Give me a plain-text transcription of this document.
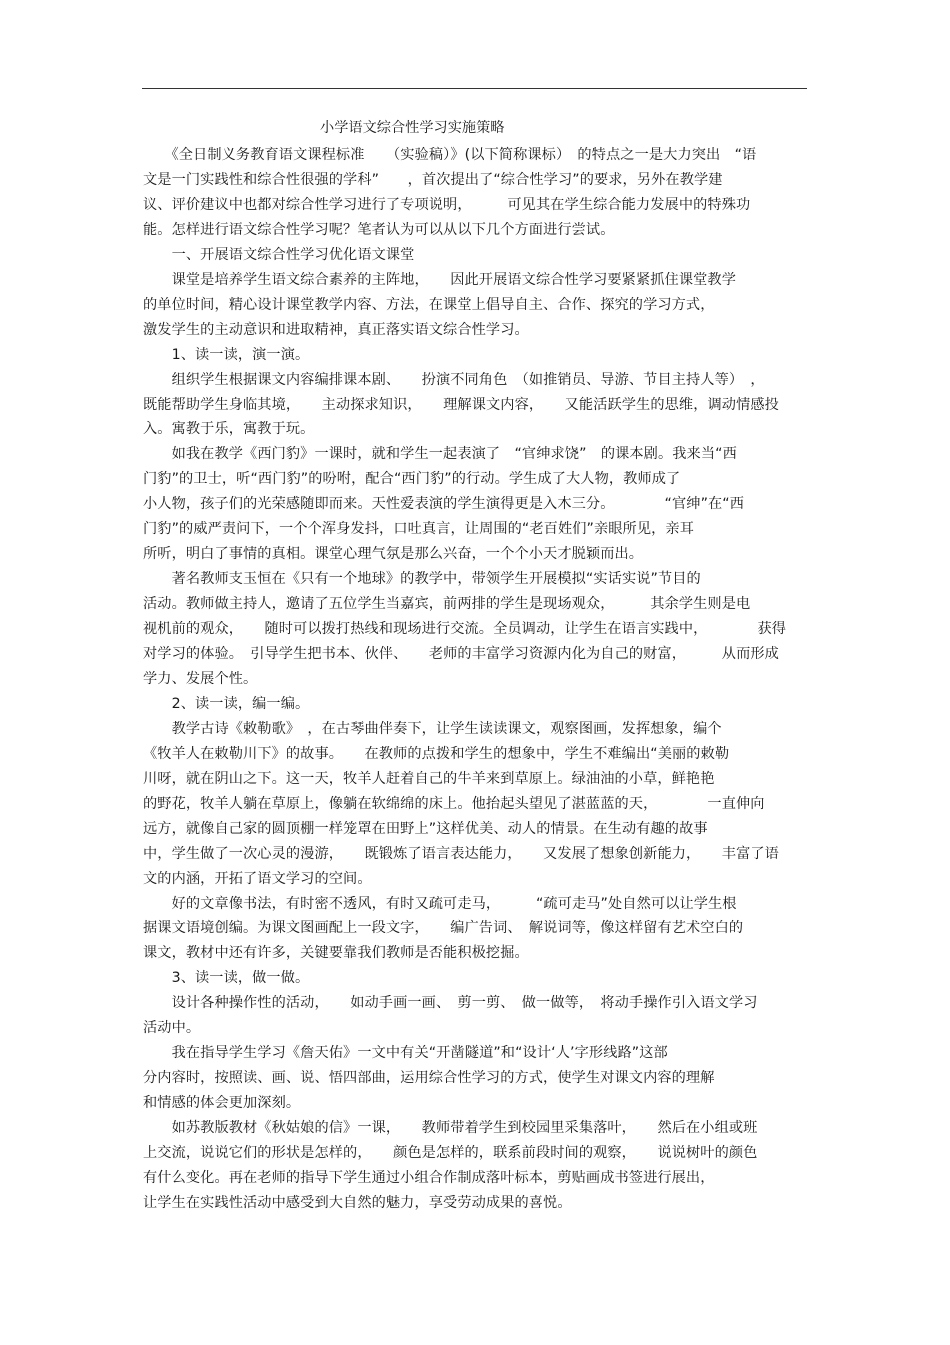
小学语文综合性学习实施策略
　　《全日制义务教育语文课程标准　　（实验稿）》(以下简称课标）　的特点之一是大力突出　“语
文是一门实践性和综合性很强的学科”　　，首次提出了“综合性学习”的要求，另外在教学建
议、评价建议中也都对综合性学习进行了专项说明，　　　可见其在学生综合能力发展中的特殊功
能。怎样进行语文综合性学习呢？笔者认为可以从以下几个方面进行尝试。
　　一、开展语文综合性学习优化语文课堂
　　课堂是培养学生语文综合素养的主阵地，　　因此开展语文综合性学习要紧紧抓住课堂教学
的单位时间，精心设计课堂教学内容、方法，在课堂上倡导自主、合作、探究的学习方式，
激发学生的主动意识和进取精神，真正落实语文综合性学习。
　　1、读一读，演一演。
　　组织学生根据课文内容编排课本剧、　　扮演不同角色　（如推销员、导游、节目主持人等）　，
既能帮助学生身临其境，　　主动探求知识，　　理解课文内容，　　又能活跃学生的思维，调动情感投
入。寓教于乐，寓教于玩。
　　如我在教学《西门豹》一课时，就和学生一起表演了　“官绅求饶”　的课本剧。我来当“西
门豹”的卫士，听“西门豹”的吩咐，配合“西门豹”的行动。学生成了大人物，教师成了
小人物，孩子们的光荣感随即而来。天性爱表演的学生演得更是入木三分。　　　　“官绅”在“西
门豹”的威严责问下，一个个浑身发抖，口吐真言，让周围的“老百姓们”亲眼所见，亲耳
所听，明白了事情的真相。课堂心理气氛是那么兴奋，一个个小天才脱颖而出。
　　著名教师支玉恒在《只有一个地球》的教学中，带领学生开展模拟“实话实说”节目的
活动。教师做主持人，邀请了五位学生当嘉宾，前两排的学生是现场观众，　　　其余学生则是电
视机前的观众，　　随时可以拨打热线和现场进行交流。全员调动，让学生在语言实践中，　　　　获得
对学习的体验。　引导学生把书本、伙伴、　　老师的丰富学习资源内化为自己的财富，　　　从而形成
学力、发展个性。
　　2、读一读，编一编。
　　教学古诗《敕勒歌》　，在古琴曲伴奏下，让学生读读课文，观察图画，发挥想象，编个
《牧羊人在敕勒川下》的故事。　　在教师的点拨和学生的想象中，学生不难编出“美丽的敕勒
川呀，就在阴山之下。这一天，牧羊人赶着自己的牛羊来到草原上。绿油油的小草，鲜艳艳
的野花，牧羊人躺在草原上，像躺在软绵绵的床上。他抬起头望见了湛蓝蓝的天，　　　　一直伸向
远方，就像自己家的圆顶棚一样笼罩在田野上”这样优美、动人的情景。在生动有趣的故事
中，学生做了一次心灵的漫游，　　既锻炼了语言表达能力，　　又发展了想象创新能力，　　丰富了语
文的内涵，开拓了语文学习的空间。
　　好的文章像书法，有时密不透风，有时又疏可走马，　　　“疏可走马”处自然可以让学生根
据课文语境创编。为课文图画配上一段文字，　　编广告词、　解说词等，像这样留有艺术空白的
课文，教材中还有许多，关键要靠我们教师是否能积极挖掘。
　　3、读一读，做一做。
　　设计各种操作性的活动，　　如动手画一画、　剪一剪、　做一做等，　将动手操作引入语文学习
活动中。
　　我在指导学生学习《詹天佑》一文中有关“开凿隧道”和“设计‘人’字形线路”这部
分内容时，按照读、画、说、悟四部曲，运用综合性学习的方式，使学生对课文内容的理解
和情感的体会更加深刻。
　　如苏教版教材《秋姑娘的信》一课，　　教师带着学生到校园里采集落叶，　　然后在小组或班
上交流，说说它们的形状是怎样的，　　颜色是怎样的，联系前段时间的观察，　　说说树叶的颜色
有什么变化。再在老师的指导下学生通过小组合作制成落叶标本，剪贴画成书签进行展出，
让学生在实践性活动中感受到大自然的魅力，享受劳动成果的喜悦。
